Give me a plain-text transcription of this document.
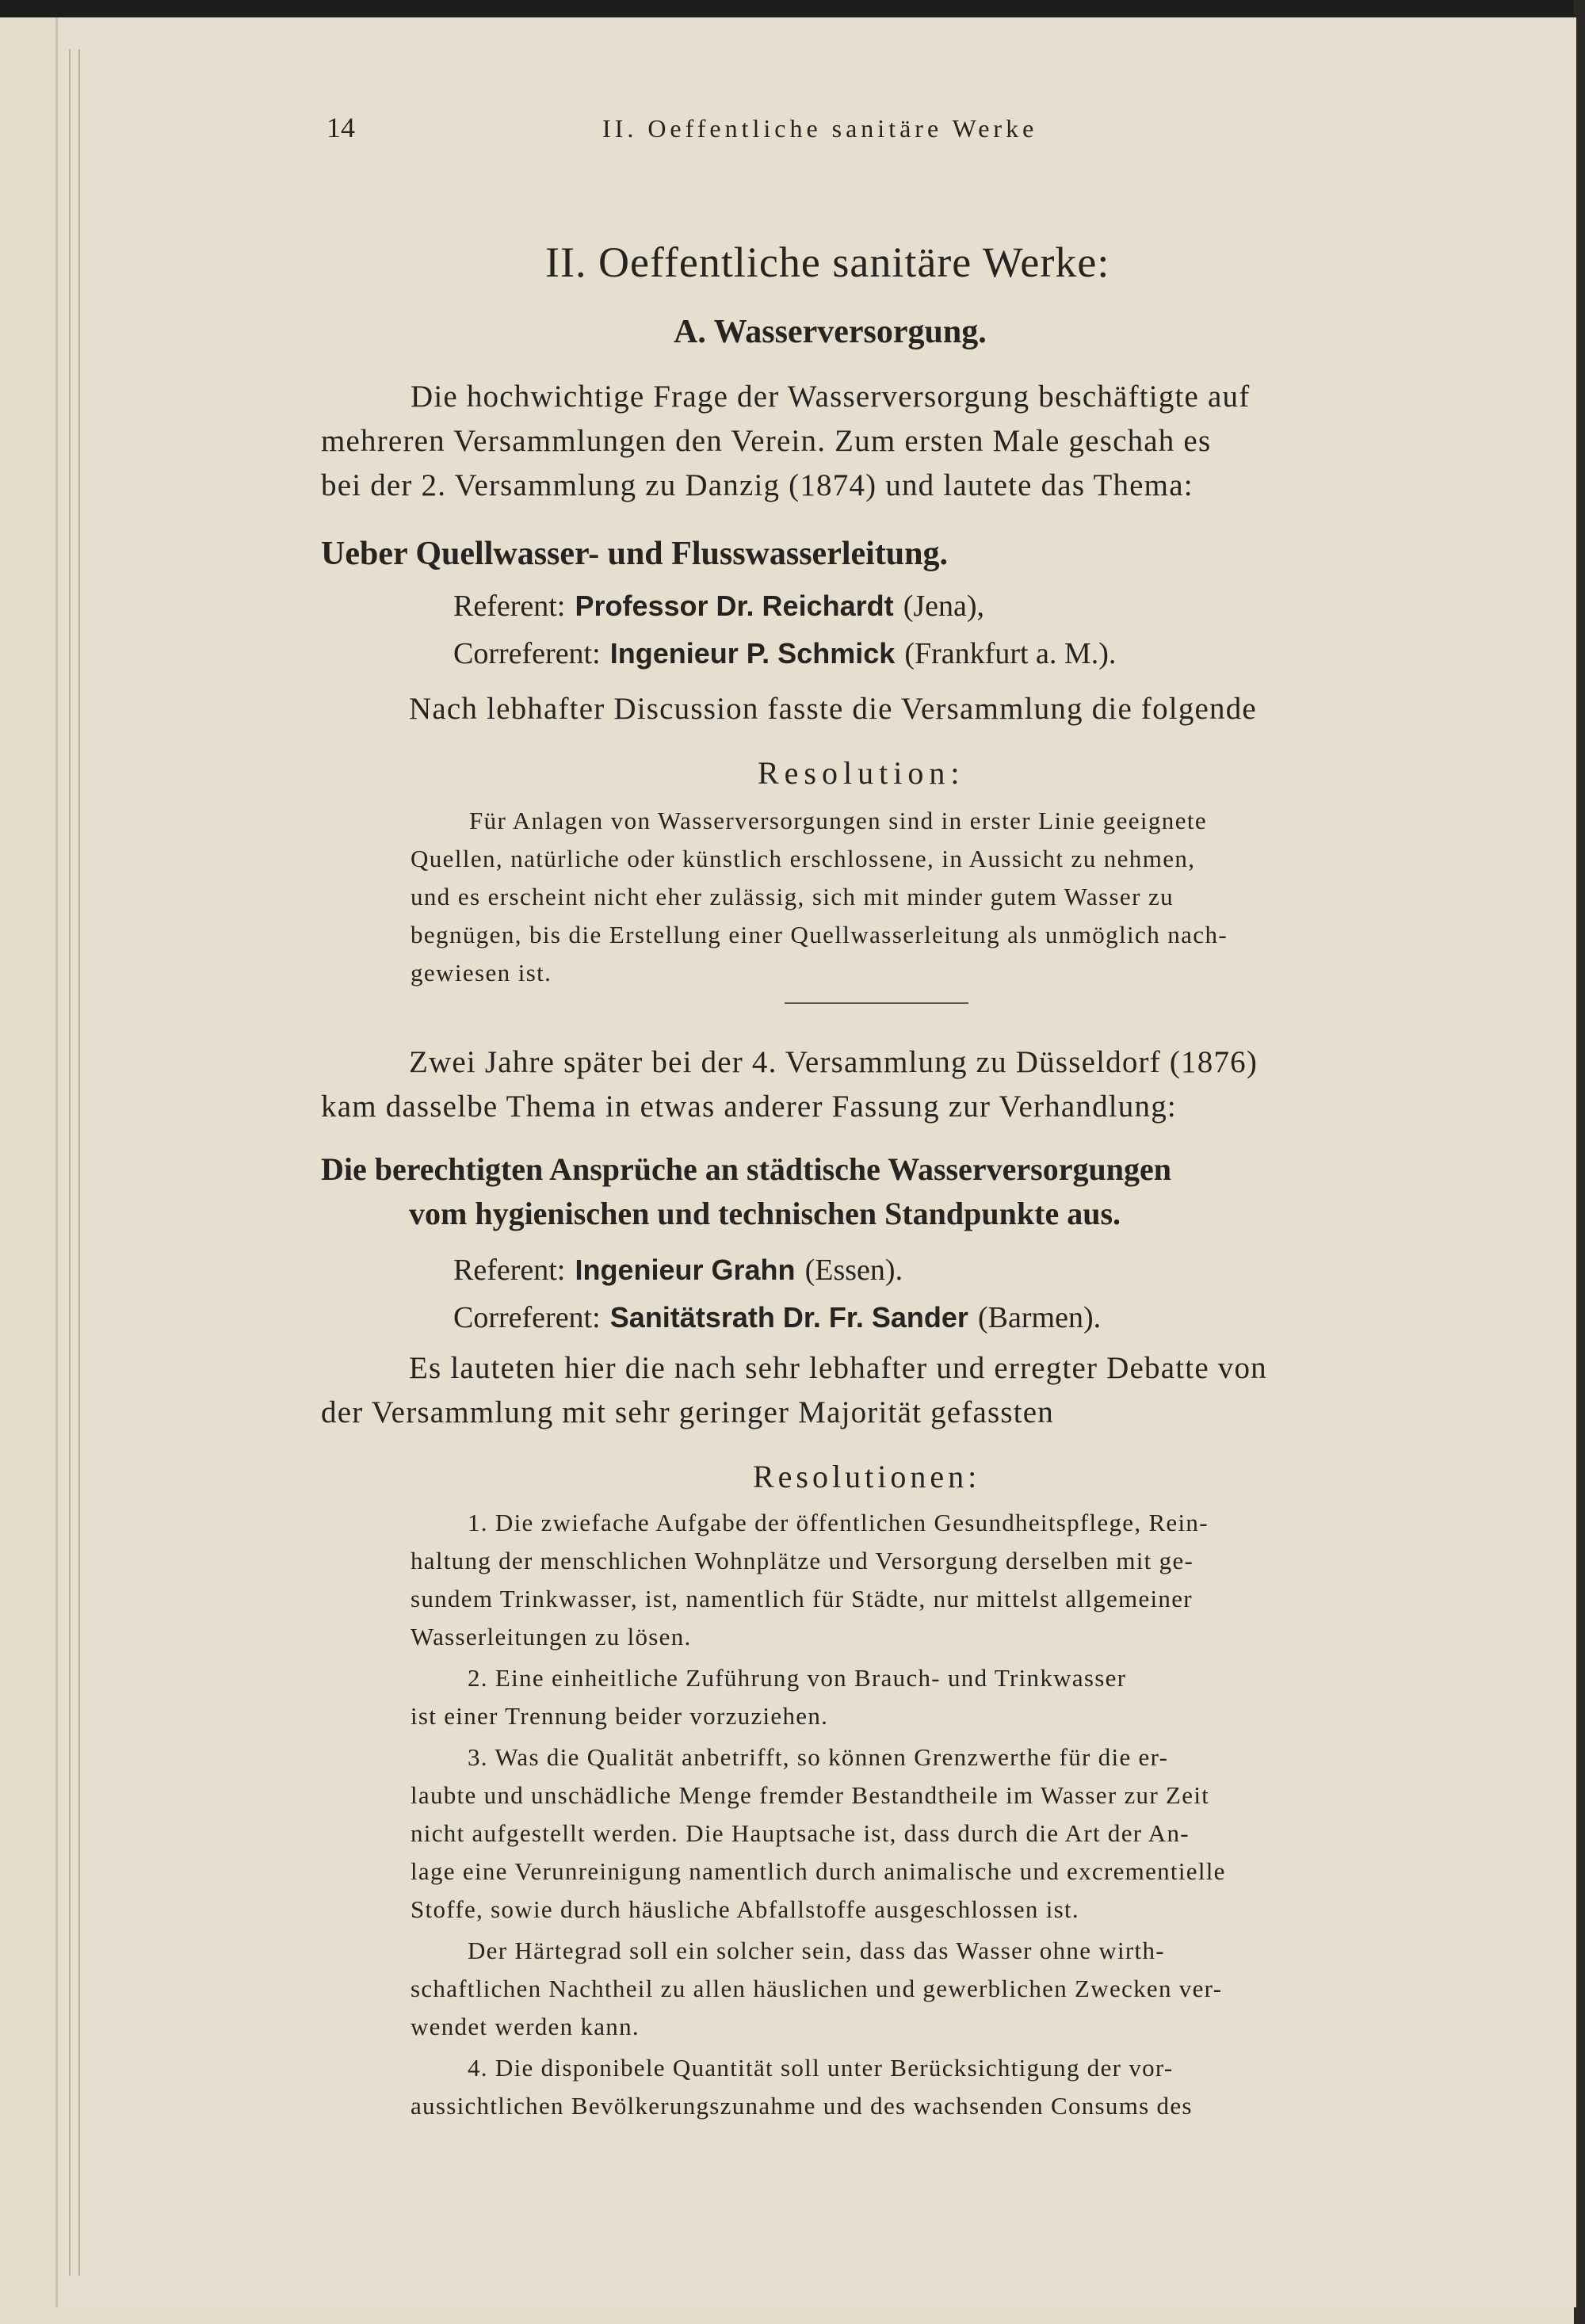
14	II. Oeffentliche sanitäre Werke
II. Oeffentliche sanitäre Werke:
A. Wasserversorgung.
Die hochwichtige Frage der Wasserversorgung beschäftigte auf
mehreren Versammlungen den Verein. Zum ersten Male geschah es
bei der 2. Versammlung zu Danzig (1874) und lautete das Thema:
Ueber Quellwasser- und Flusswasserleitung.
Referent: Professor Dr. Reichardt (Jena),
Correferent: Ingenieur P. Schmick (Frankfurt a. M.).
Nach lebhafter Discussion fasste die Versammlung die folgende
Resolution:
Für Anlagen von Wasserversorgungen sind in erster Linie geeignete
Quellen, natürliche oder künstlich erschlossene, in Aussicht zu nehmen,
und es erscheint nicht eher zulässig, sich mit minder gutem Wasser zu
begnügen, bis die Erstellung einer Quellwasserleitung als unmöglich nach-
gewiesen ist.
Zwei Jahre später bei der 4. Versammlung zu Düsseldorf (1876)
kam dasselbe Thema in etwas anderer Fassung zur Verhandlung:
Die berechtigten Ansprüche an städtische Wasserversorgungen
vom hygienischen und technischen Standpunkte aus.
Referent: Ingenieur Grahn (Essen).
Correferent: Sanitätsrath Dr. Fr. Sander (Barmen).
Es lauteten hier die nach sehr lebhafter und erregter Debatte von
der Versammlung mit sehr geringer Majorität gefassten
Resolutionen:
1. Die zwiefache Aufgabe der öffentlichen Gesundheitspflege, Rein-
haltung der menschlichen Wohnplätze und Versorgung derselben mit ge-
sundem Trinkwasser, ist, namentlich für Städte, nur mittelst allgemeiner
Wasserleitungen zu lösen.
2. Eine einheitliche Zuführung von Brauch- und Trinkwasser
ist einer Trennung beider vorzuziehen.
3. Was die Qualität anbetrifft, so können Grenzwerthe für die er-
laubte und unschädliche Menge fremder Bestandtheile im Wasser zur Zeit
nicht aufgestellt werden. Die Hauptsache ist, dass durch die Art der An-
lage eine Verunreinigung namentlich durch animalische und excrementielle
Stoffe, sowie durch häusliche Abfallstoffe ausgeschlossen ist.
Der Härtegrad soll ein solcher sein, dass das Wasser ohne wirth-
schaftlichen Nachtheil zu allen häuslichen und gewerblichen Zwecken ver-
wendet werden kann.
4. Die disponibele Quantität soll unter Berücksichtigung der vor-
aussichtlichen Bevölkerungszunahme und des wachsenden Consums des
